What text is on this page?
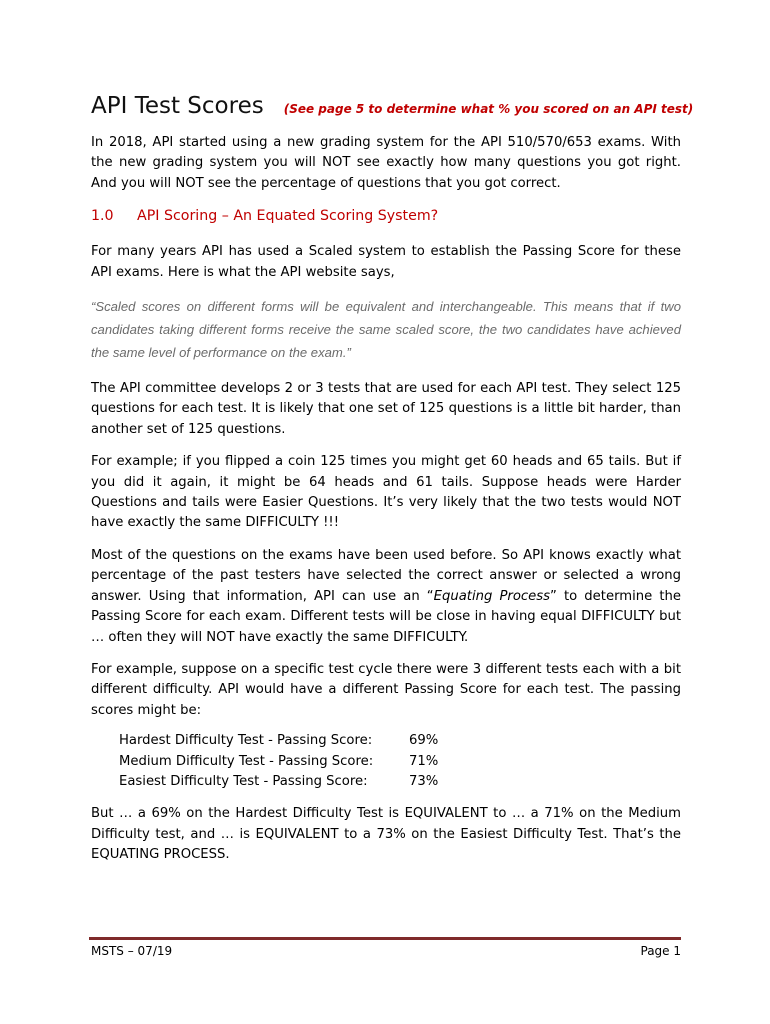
API Test Scores (See page 5 to determine what % you scored on an API test)

In 2018, API started using a new grading system for the API 510/570/653 exams. With the new grading system you will NOT see exactly how many questions you got right. And you will NOT see the percentage of questions that you got correct.

1.0	API Scoring – An Equated Scoring System?

For many years API has used a Scaled system to establish the Passing Score for these API exams. Here is what the API website says,

“Scaled scores on different forms will be equivalent and interchangeable. This means that if two candidates taking different forms receive the same scaled score, the two candidates have achieved the same level of performance on the exam.”

The API committee develops 2 or 3 tests that are used for each API test. They select 125 questions for each test. It is likely that one set of 125 questions is a little bit harder, than another set of 125 questions.

For example; if you flipped a coin 125 times you might get 60 heads and 65 tails. But if you did it again, it might be 64 heads and 61 tails. Suppose heads were Harder Questions and tails were Easier Questions. It’s very likely that the two tests would NOT have exactly the same DIFFICULTY !!!

Most of the questions on the exams have been used before. So API knows exactly what percentage of the past testers have selected the correct answer or selected a wrong answer. Using that information, API can use an “Equating Process” to determine the Passing Score for each exam. Different tests will be close in having equal DIFFICULTY but … often they will NOT have exactly the same DIFFICULTY.

For example, suppose on a specific test cycle there were 3 different tests each with a bit different difficulty. API would have a different Passing Score for each test. The passing scores might be:

Hardest Difficulty Test - Passing Score:	69%
Medium Difficulty Test - Passing Score:	71%
Easiest Difficulty Test - Passing Score:	73%

But … a 69% on the Hardest Difficulty Test is EQUIVALENT to … a 71% on the Medium Difficulty test, and … is EQUIVALENT to a 73% on the Easiest Difficulty Test. That’s the EQUATING PROCESS.

MSTS – 07/19	Page 1
